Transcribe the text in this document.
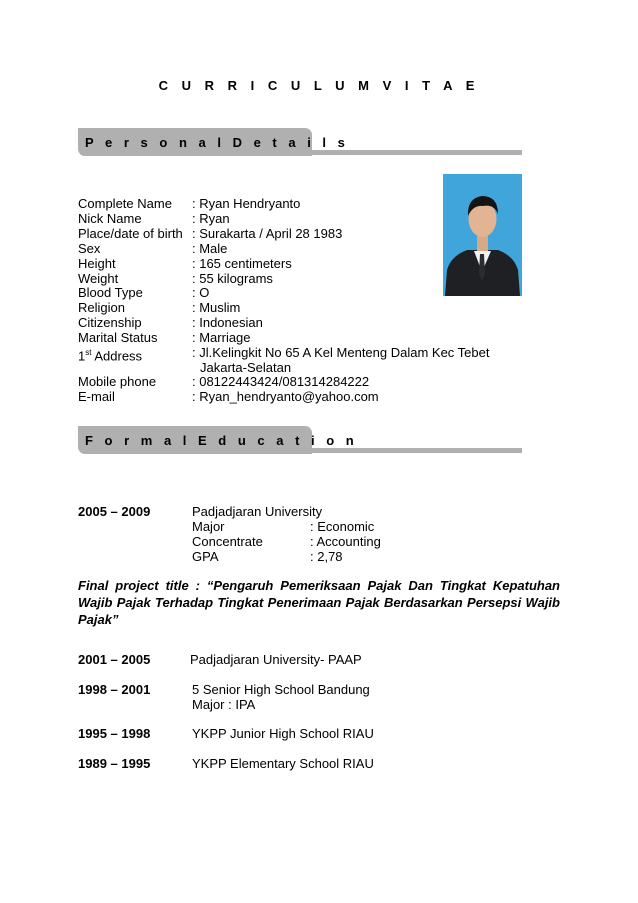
C U R R I C U L U M V I T A E
P e r s o n a l D e t a i l s
Complete Name : Ryan Hendryanto
Nick Name	: Ryan
Place/date of birth : Surakarta / April 28 1983
Sex	: Male
Height	: 165 centimeters
Weight	: 55 kilograms
Blood Type	: O
Religion	: Muslim
Citizenship	: Indonesian
Marital Status	: Marriage
1st Address	: Jl.Kelingkit No 65 A Kel Menteng Dalam Kec Tebet
Jakarta-Selatan
Mobile phone	: 08122443424/081314284222
E-mail	: Ryan_hendryanto@yahoo.com
F o r m a l E d u c a t i o n
2005 – 2009	Padjadjaran University
Major	: Economic
Concentrate	: Accounting
GPA	: 2,78
Final project title : “Pengaruh Pemeriksaan Pajak Dan Tingkat Kepatuhan Wajib Pajak Terhadap Tingkat Penerimaan Pajak Berdasarkan Persepsi Wajib Pajak”
2001 – 2005	Padjadjaran University- PAAP
1998 – 2001	5 Senior High School Bandung
Major : IPA
1995 – 1998	YKPP Junior High School RIAU
1989 – 1995	YKPP Elementary School RIAU
